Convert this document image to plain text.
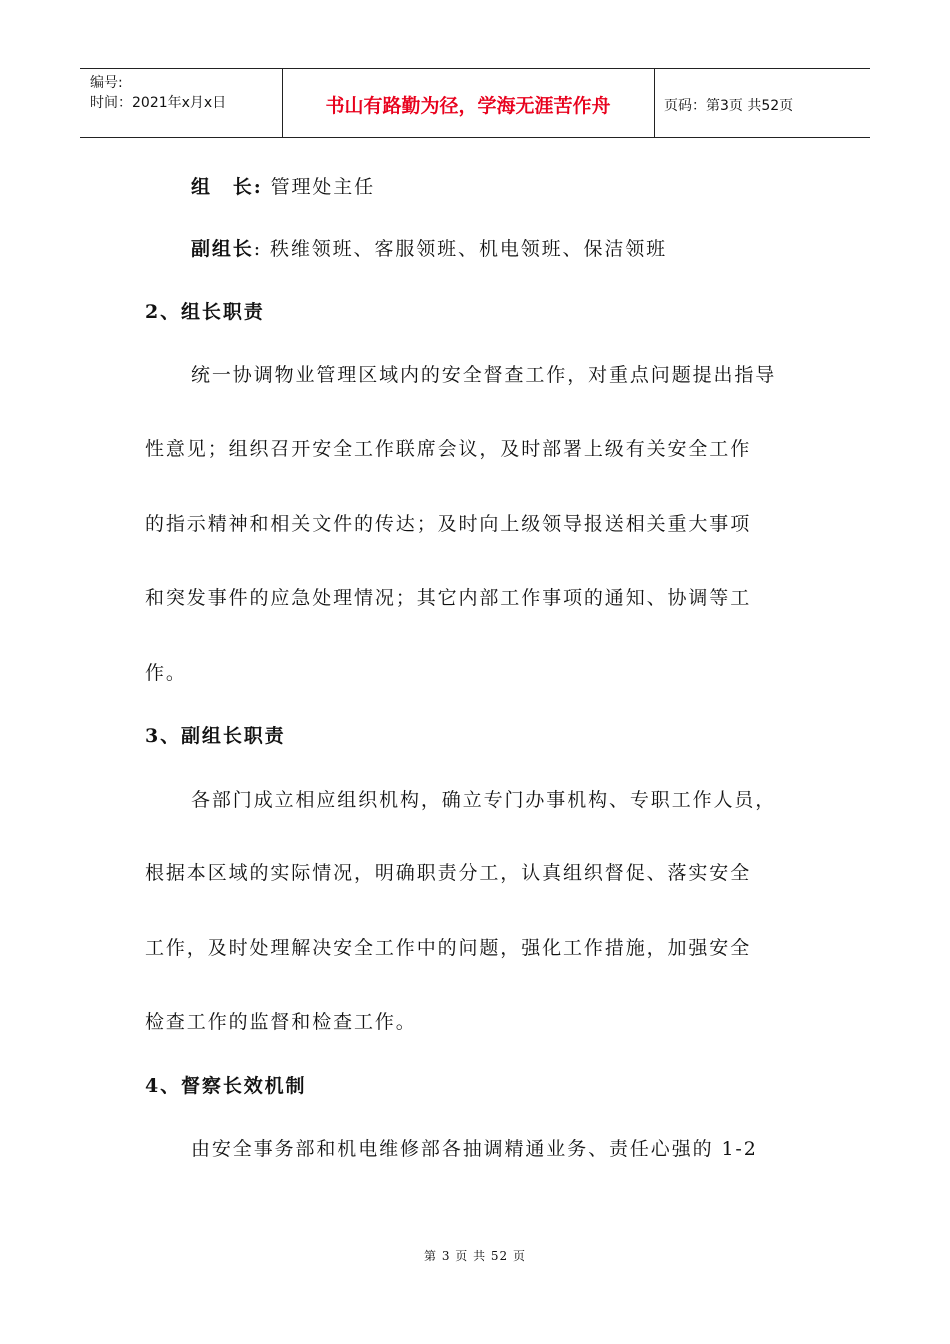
编号:
时间：2021年x月x日	书山有路勤为径，学海无涯苦作舟	页码：第3页 共52页
组　长: 管理处主任
副组长: 秩维领班、客服领班、机电领班、保洁领班
2、组长职责
统一协调物业管理区域内的安全督查工作，对重点问题提出指导
性意见；组织召开安全工作联席会议，及时部署上级有关安全工作
的指示精神和相关文件的传达；及时向上级领导报送相关重大事项
和突发事件的应急处理情况；其它内部工作事项的通知、协调等工
作。
3、副组长职责
各部门成立相应组织机构，确立专门办事机构、专职工作人员，
根据本区域的实际情况，明确职责分工，认真组织督促、落实安全
工作，及时处理解决安全工作中的问题，强化工作措施，加强安全
检查工作的监督和检查工作。
4、督察长效机制
由安全事务部和机电维修部各抽调精通业务、责任心强的 1-2
第 3 页 共 52 页
